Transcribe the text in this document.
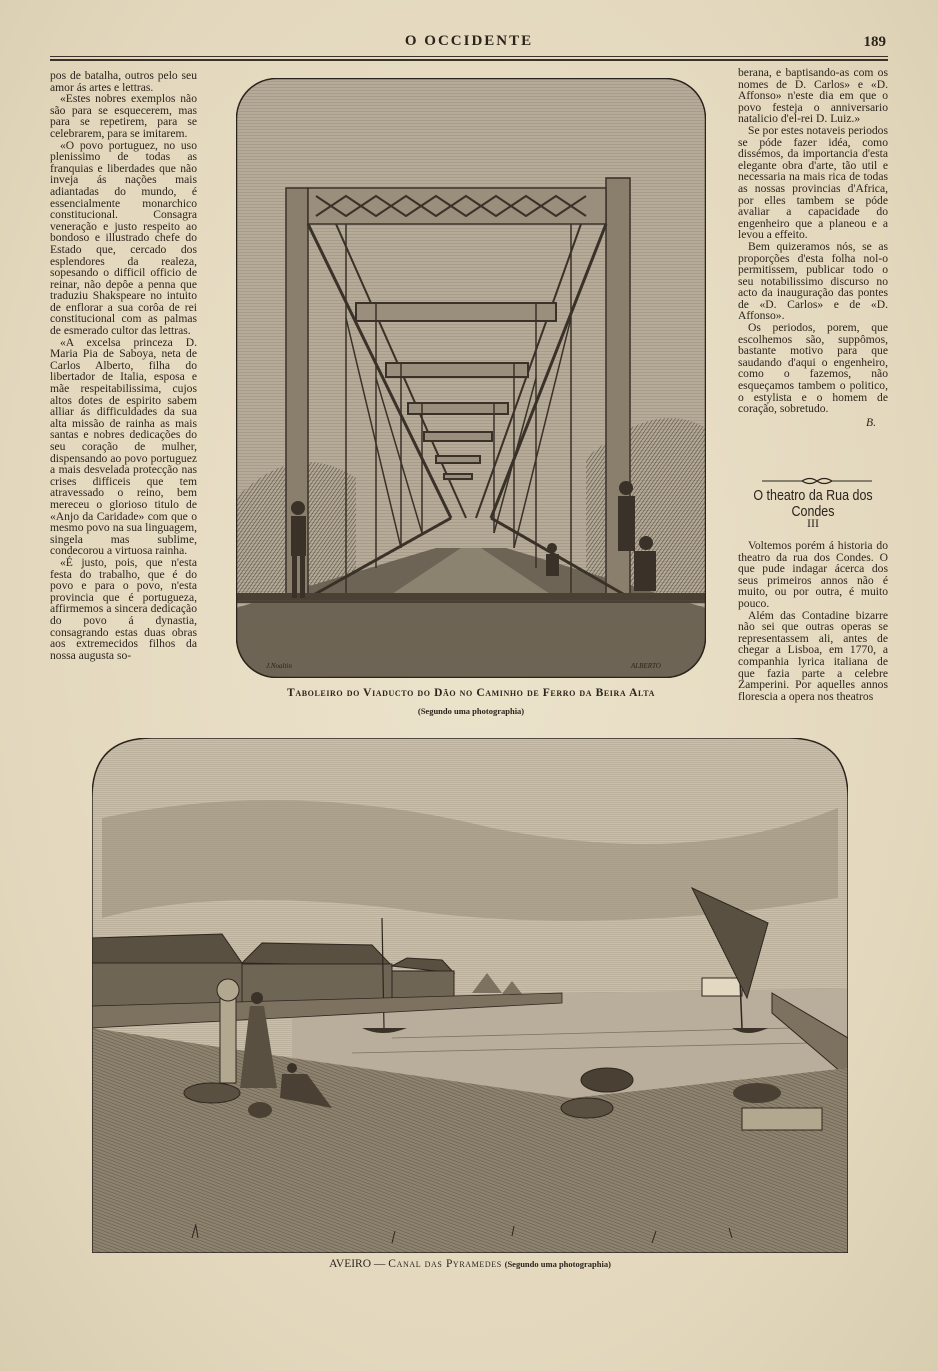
O OCCIDENTE	189

pos de batalha, outros pelo seu amor ás artes e lettras.

«Estes nobres exemplos não são para se esquecerem, mas para se repetirem, para se celebrarem, para se imitarem.

«O povo portuguez, no uso plenissimo de todas as franquias e liberdades que não inveja ás nações mais adiantadas do mundo, é essencialmente monarchico constitucional. Consagra veneração e justo respeito ao bondoso e illustrado chefe do Estado que, cercado dos esplendores da realeza, sopesando o difficil officio de reinar, não depôe a penna que traduziu Shakspeare no intuito de enflorar a sua corôa de rei constitucional com as palmas de esmerado cultor das lettras.

«A excelsa princeza D. Maria Pia de Saboya, neta de Carlos Alberto, filha do libertador de Italia, esposa e mãe respeitabilissima, cujos altos dotes de espirito sabem alliar ás difficuldades da sua alta missão de rainha as mais santas e nobres dedicações do seu coração de mulher, dispensando ao povo portuguez a mais desvelada protecção nas crises difficeis que tem atravessado o reino, bem mereceu o glorioso titulo de «Anjo da Caridade» com que o mesmo povo na sua linguagem, singela mas sublime, condecorou a virtuosa rainha.

«É justo, pois, que n'esta festa do trabalho, que é do povo e para o povo, n'esta provincia que é portugueza, affirmemos a sincera dedicação do povo á dynastia, consagrando estas duas obras aos extremecidos filhos da nossa augusta so-

berana, e baptisando-as com os nomes de D. Carlos» e «D. Affonso» n'este dia em que o povo festeja o anniversario natalicio d'el-rei D. Luiz.»

Se por estes notaveis periodos se póde fazer idéa, como dissémos, da importancia d'esta elegante obra d'arte, tão util e necessaria na mais rica de todas as nossas provincias d'Africa, por elles tambem se póde avaliar a capacidade do engenheiro que a planeou e a levou a effeito.

Bem quizeramos nós, se as proporções d'esta folha nol-o permitissem, publicar todo o seu notabilissimo discurso no acto da inauguração das pontes de «D. Carlos» e de «D. Affonso».

Os periodos, porem, que escolhemos são, suppômos, bastante motivo para que saudando d'aqui o engenheiro, como o fazemos, não esqueçamos tambem o politico, o estylista e o homem de coração, sobretudo.

B.
O theatro da Rua dos Condes
III

Voltemos porém á historia do theatro da rua dos Condes. O que pude indagar ácerca dos seus primeiros annos não é muito, ou por outra, é muito pouco.

Além das Contadine bizarre não sei que outras operas se representassem ali, antes de chegar a Lisboa, em 1770, a companhia lyrica italiana de que fazia parte a celebre Zamperini. Por aquelles annos florescia a opera nos theatros

J.Noaltin	ALBERTO
Taboleiro do Viaducto do Dão no Caminho de Ferro da Beira Alta
(Segundo uma photographia)
AVEIRO — Canal das Pyramedes (Segundo uma photographia)
